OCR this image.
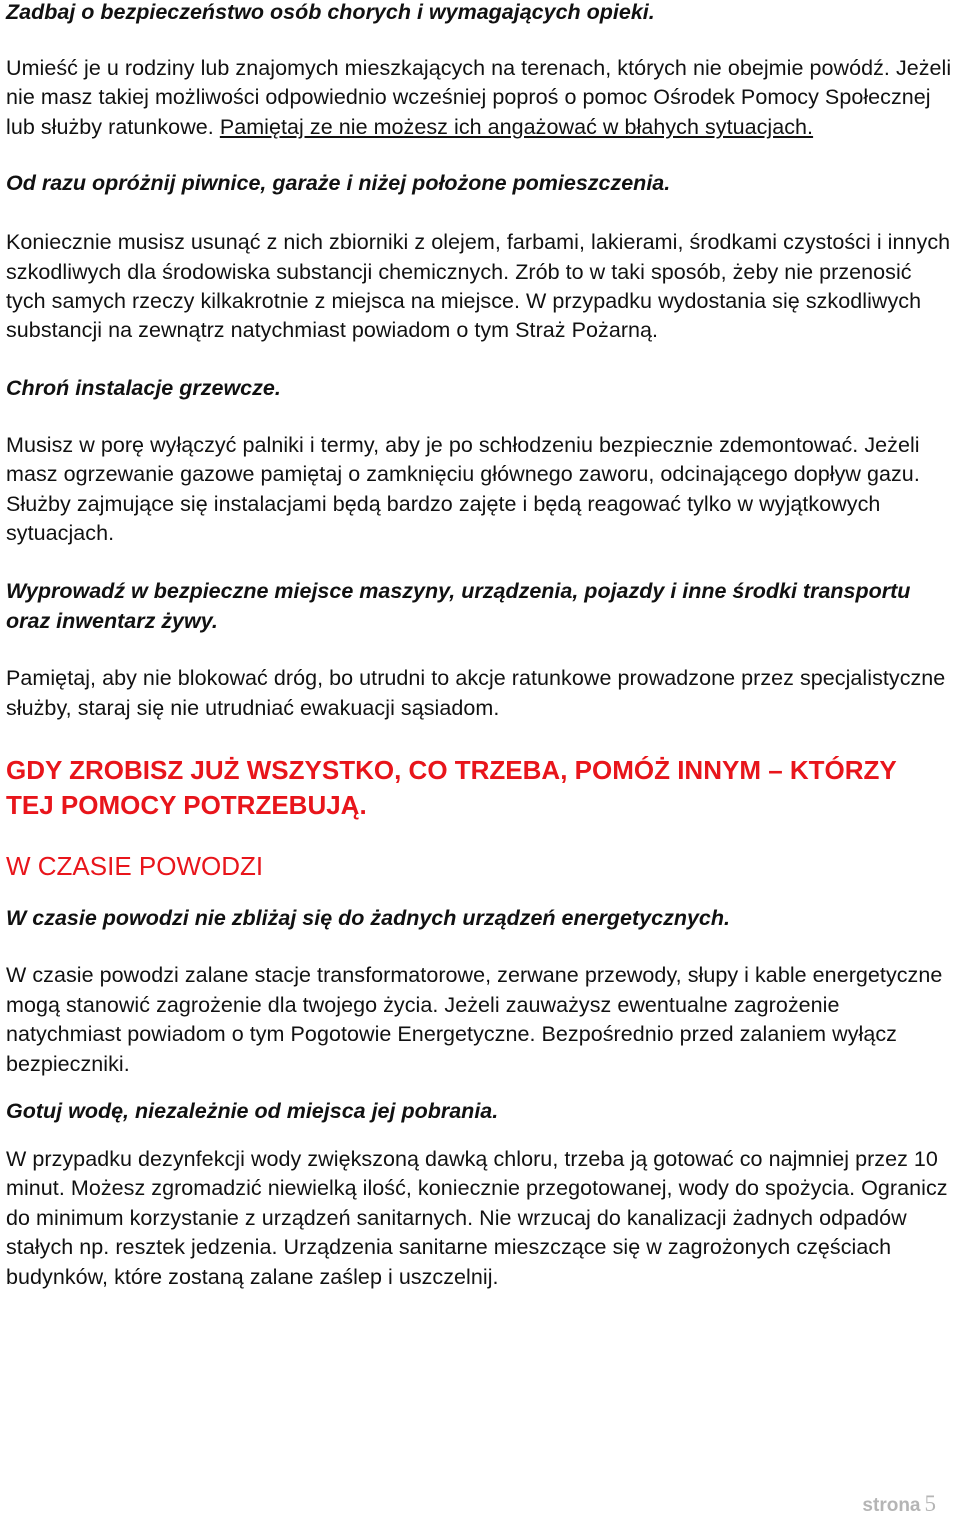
Zadbaj o bezpieczeństwo osób chorych i wymagających opieki.

Umieść je u rodziny lub znajomych mieszkających na terenach, których nie obejmie powódź. Jeżeli nie masz takiej możliwości odpowiednio wcześniej poproś o pomoc Ośrodek Pomocy Społecznej lub służby ratunkowe. Pamiętaj ze nie możesz ich angażować w błahych sytuacjach.

Od razu opróżnij piwnice, garaże i niżej położone pomieszczenia.

Koniecznie musisz usunąć z nich zbiorniki z olejem, farbami, lakierami, środkami czystości i innych szkodliwych dla środowiska substancji chemicznych. Zrób to w taki sposób, żeby nie przenosić tych samych rzeczy kilkakrotnie z miejsca na miejsce. W przypadku wydostania się szkodliwych substancji na zewnątrz natychmiast powiadom o tym Straż Pożarną.

Chroń instalacje grzewcze.

Musisz w porę wyłączyć palniki i termy, aby je po schłodzeniu bezpiecznie zdemontować. Jeżeli masz ogrzewanie gazowe pamiętaj o zamknięciu głównego zaworu, odcinającego dopływ gazu. Służby zajmujące się instalacjami będą bardzo zajęte i będą reagować tylko w wyjątkowych sytuacjach.

Wyprowadź w bezpieczne miejsce maszyny, urządzenia, pojazdy i inne środki transportu oraz inwentarz żywy.

Pamiętaj, aby nie blokować dróg, bo utrudni to akcje ratunkowe prowadzone przez specjalistyczne służby, staraj się nie utrudniać ewakuacji sąsiadom.

GDY ZROBISZ JUŻ WSZYSTKO, CO TRZEBA, POMÓŻ INNYM – KTÓRZY TEJ POMOCY POTRZEBUJĄ.

W CZASIE POWODZI

W czasie powodzi nie zbliżaj się do żadnych urządzeń energetycznych.

W czasie powodzi zalane stacje transformatorowe, zerwane przewody, słupy i kable energetyczne mogą stanowić zagrożenie dla twojego życia. Jeżeli zauważysz ewentualne zagrożenie natychmiast powiadom o tym Pogotowie Energetyczne. Bezpośrednio przed zalaniem wyłącz bezpieczniki.

Gotuj wodę, niezależnie od miejsca jej pobrania.

W przypadku dezynfekcji wody zwiększoną dawką chloru, trzeba ją gotować co najmniej przez 10 minut. Możesz zgromadzić niewielką ilość, koniecznie przegotowanej, wody do spożycia. Ogranicz do minimum korzystanie z urządzeń sanitarnych. Nie wrzucaj do kanalizacji żadnych odpadów stałych np. resztek jedzenia. Urządzenia sanitarne mieszczące się w zagrożonych częściach budynków, które zostaną zalane zaślep i uszczelnij.

strona 5
